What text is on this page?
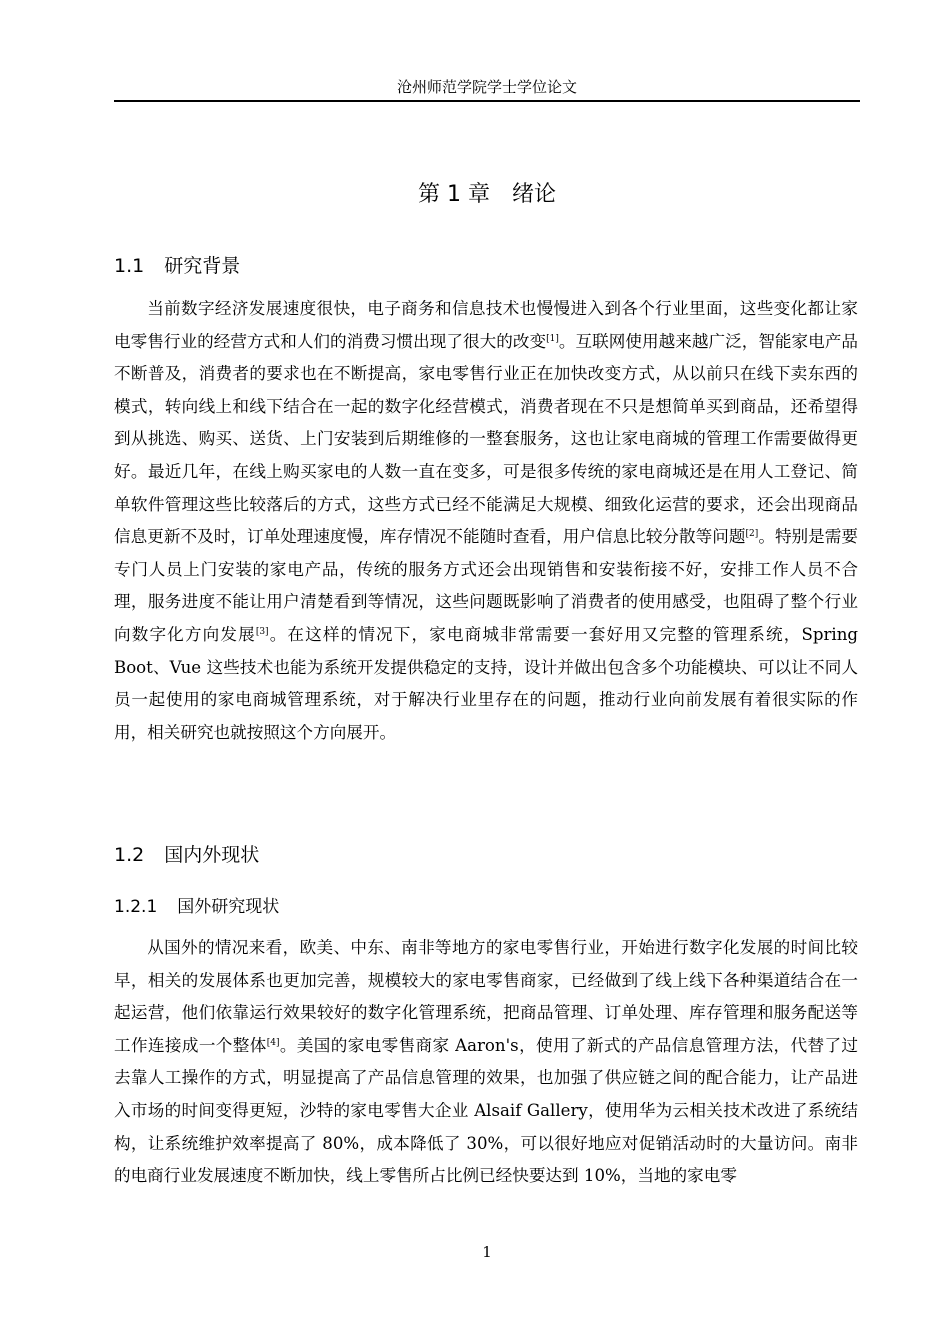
沧州师范学院学士学位论文
第 1 章 绪论
1.1 研究背景
当前数字经济发展速度很快，电子商务和信息技术也慢慢进入到各个行业里面，这些变化都让家电零售行业的经营方式和人们的消费习惯出现了很大的改变[1]。互联网使用越来越广泛，智能家电产品不断普及，消费者的要求也在不断提高，家电零售行业正在加快改变方式，从以前只在线下卖东西的模式，转向线上和线下结合在一起的数字化经营模式，消费者现在不只是想简单买到商品，还希望得到从挑选、购买、送货、上门安装到后期维修的一整套服务，这也让家电商城的管理工作需要做得更好。最近几年，在线上购买家电的人数一直在变多，可是很多传统的家电商城还是在用人工登记、简单软件管理这些比较落后的方式，这些方式已经不能满足大规模、细致化运营的要求，还会出现商品信息更新不及时，订单处理速度慢，库存情况不能随时查看，用户信息比较分散等问题[2]。特别是需要专门人员上门安装的家电产品，传统的服务方式还会出现销售和安装衔接不好，安排工作人员不合理，服务进度不能让用户清楚看到等情况，这些问题既影响了消费者的使用感受，也阻碍了整个行业向数字化方向发展[3]。在这样的情况下，家电商城非常需要一套好用又完整的管理系统，Spring Boot、Vue 这些技术也能为系统开发提供稳定的支持，设计并做出包含多个功能模块、可以让不同人员一起使用的家电商城管理系统，对于解决行业里存在的问题，推动行业向前发展有着很实际的作用，相关研究也就按照这个方向展开。
1.2 国内外现状
1.2.1 国外研究现状
从国外的情况来看，欧美、中东、南非等地方的家电零售行业，开始进行数字化发展的时间比较早，相关的发展体系也更加完善，规模较大的家电零售商家，已经做到了线上线下各种渠道结合在一起运营，他们依靠运行效果较好的数字化管理系统，把商品管理、订单处理、库存管理和服务配送等工作连接成一个整体[4]。美国的家电零售商家 Aaron's，使用了新式的产品信息管理方法，代替了过去靠人工操作的方式，明显提高了产品信息管理的效果，也加强了供应链之间的配合能力，让产品进入市场的时间变得更短，沙特的家电零售大企业 Alsaif Gallery，使用华为云相关技术改进了系统结构，让系统维护效率提高了 80%，成本降低了 30%，可以很好地应对促销活动时的大量访问。南非的电商行业发展速度不断加快，线上零售所占比例已经快要达到 10%，当地的家电零
1
